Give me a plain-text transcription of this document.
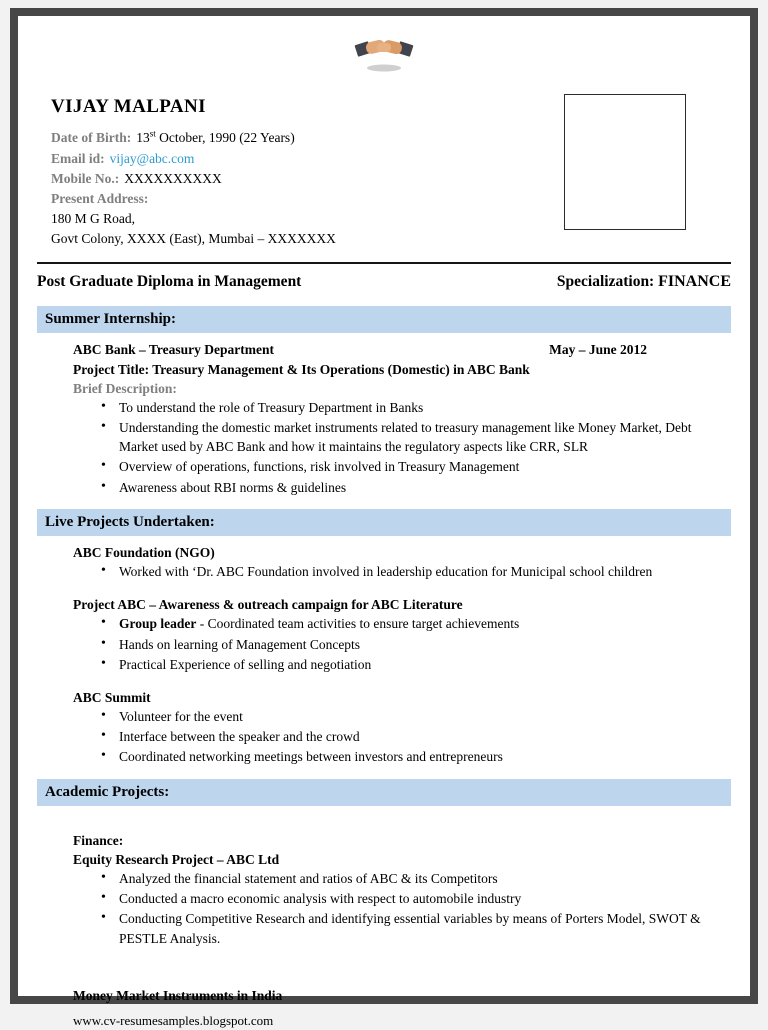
VIJAY MALPANI
Date of Birth: 13st October, 1990 (22 Years)
Email id: vijay@abc.com
Mobile No.: XXXXXXXXXX
Present Address:
180 M G Road,
Govt Colony, XXXX (East), Mumbai – XXXXXXX
Post Graduate Diploma in Management	Specialization: FINANCE
Summer Internship:
ABC Bank – Treasury Department	May – June 2012
Project Title: Treasury Management & Its Operations (Domestic) in ABC Bank
Brief Description:
• To understand the role of Treasury Department in Banks
• Understanding the domestic market instruments related to treasury management like Money Market, Debt Market used by ABC Bank and how it maintains the regulatory aspects like CRR, SLR
• Overview of operations, functions, risk involved in Treasury Management
• Awareness about RBI norms & guidelines
Live Projects Undertaken:
ABC Foundation (NGO)
• Worked with ‘Dr. ABC Foundation involved in leadership education for Municipal school children
Project ABC – Awareness & outreach campaign for ABC Literature
• Group leader - Coordinated team activities to ensure target achievements
• Hands on learning of Management Concepts
• Practical Experience of selling and negotiation
ABC Summit
• Volunteer for the event
• Interface between the speaker and the crowd
• Coordinated networking meetings between investors and entrepreneurs
Academic Projects:
Finance:
Equity Research Project – ABC Ltd
• Analyzed the financial statement and ratios of ABC & its Competitors
• Conducted a macro economic analysis with respect to automobile industry
• Conducting Competitive Research and identifying essential variables by means of Porters Model, SWOT & PESTLE Analysis.
Money Market Instruments in India
www.cv-resumesamples.blogspot.com
